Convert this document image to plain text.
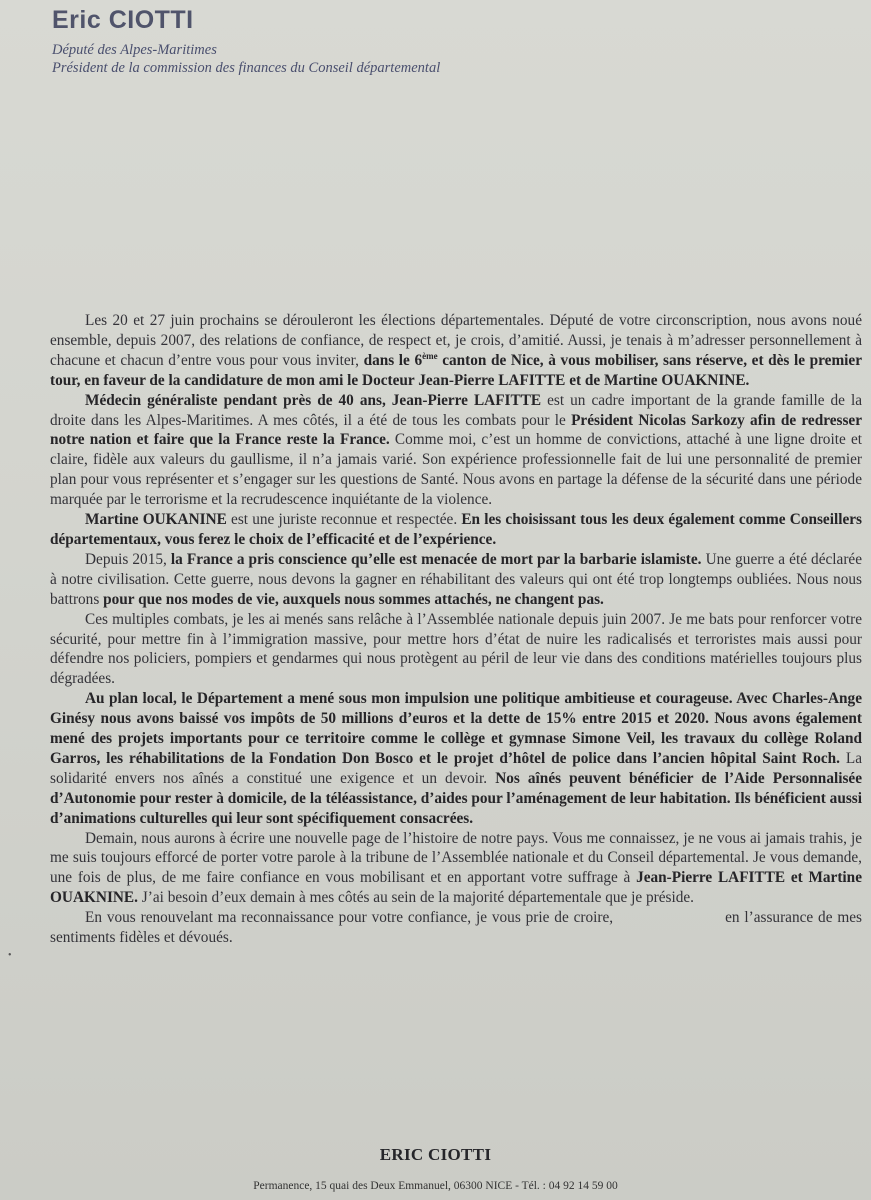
Eric CIOTTI
Député des Alpes-Maritimes
Président de la commission des finances du Conseil départemental

Les 20 et 27 juin prochains se dérouleront les élections départementales. Député de votre circonscription, nous avons noué ensemble, depuis 2007, des relations de confiance, de respect et, je crois, d’amitié. Aussi, je tenais à m’adresser personnellement à chacune et chacun d’entre vous pour vous inviter, dans le 6ème canton de Nice, à vous mobiliser, sans réserve, et dès le premier tour, en faveur de la candidature de mon ami le Docteur Jean-Pierre LAFITTE et de Martine OUAKNINE.

Médecin généraliste pendant près de 40 ans, Jean-Pierre LAFITTE est un cadre important de la grande famille de la droite dans les Alpes-Maritimes. A mes côtés, il a été de tous les combats pour le Président Nicolas Sarkozy afin de redresser notre nation et faire que la France reste la France. Comme moi, c’est un homme de convictions, attaché à une ligne droite et claire, fidèle aux valeurs du gaullisme, il n’a jamais varié. Son expérience professionnelle fait de lui une personnalité de premier plan pour vous représenter et s’engager sur les questions de Santé. Nous avons en partage la défense de la sécurité dans une période marquée par le terrorisme et la recrudescence inquiétante de la violence.

Martine OUKANINE est une juriste reconnue et respectée. En les choisissant tous les deux également comme Conseillers départementaux, vous ferez le choix de l’efficacité et de l’expérience.

Depuis 2015, la France a pris conscience qu’elle est menacée de mort par la barbarie islamiste. Une guerre a été déclarée à notre civilisation. Cette guerre, nous devons la gagner en réhabilitant des valeurs qui ont été trop longtemps oubliées. Nous nous battrons pour que nos modes de vie, auxquels nous sommes attachés, ne changent pas.

Ces multiples combats, je les ai menés sans relâche à l’Assemblée nationale depuis juin 2007. Je me bats pour renforcer votre sécurité, pour mettre fin à l’immigration massive, pour mettre hors d’état de nuire les radicalisés et terroristes mais aussi pour défendre nos policiers, pompiers et gendarmes qui nous protègent au péril de leur vie dans des conditions matérielles toujours plus dégradées.

Au plan local, le Département a mené sous mon impulsion une politique ambitieuse et courageuse. Avec Charles-Ange Ginésy nous avons baissé vos impôts de 50 millions d’euros et la dette de 15% entre 2015 et 2020. Nous avons également mené des projets importants pour ce territoire comme le collège et gymnase Simone Veil, les travaux du collège Roland Garros, les réhabilitations de la Fondation Don Bosco et le projet d’hôtel de police dans l’ancien hôpital Saint Roch. La solidarité envers nos aînés a constitué une exigence et un devoir. Nos aînés peuvent bénéficier de l’Aide Personnalisée d’Autonomie pour rester à domicile, de la téléassistance, d’aides pour l’aménagement de leur habitation. Ils bénéficient aussi d’animations culturelles qui leur sont spécifiquement consacrées.

Demain, nous aurons à écrire une nouvelle page de l’histoire de notre pays. Vous me connaissez, je ne vous ai jamais trahis, je me suis toujours efforcé de porter votre parole à la tribune de l’Assemblée nationale et du Conseil départemental. Je vous demande, une fois de plus, de me faire confiance en vous mobilisant et en apportant votre suffrage à Jean-Pierre LAFITTE et Martine OUAKNINE. J’ai besoin d’eux demain à mes côtés au sein de la majorité départementale que je préside.

En vous renouvelant ma reconnaissance pour votre confiance, je vous prie de croire,	en l’assurance de mes sentiments fidèles et dévoués.

•
ERIC CIOTTI
Permanence, 15 quai des Deux Emmanuel, 06300 NICE - Tél. : 04 92 14 59 00
